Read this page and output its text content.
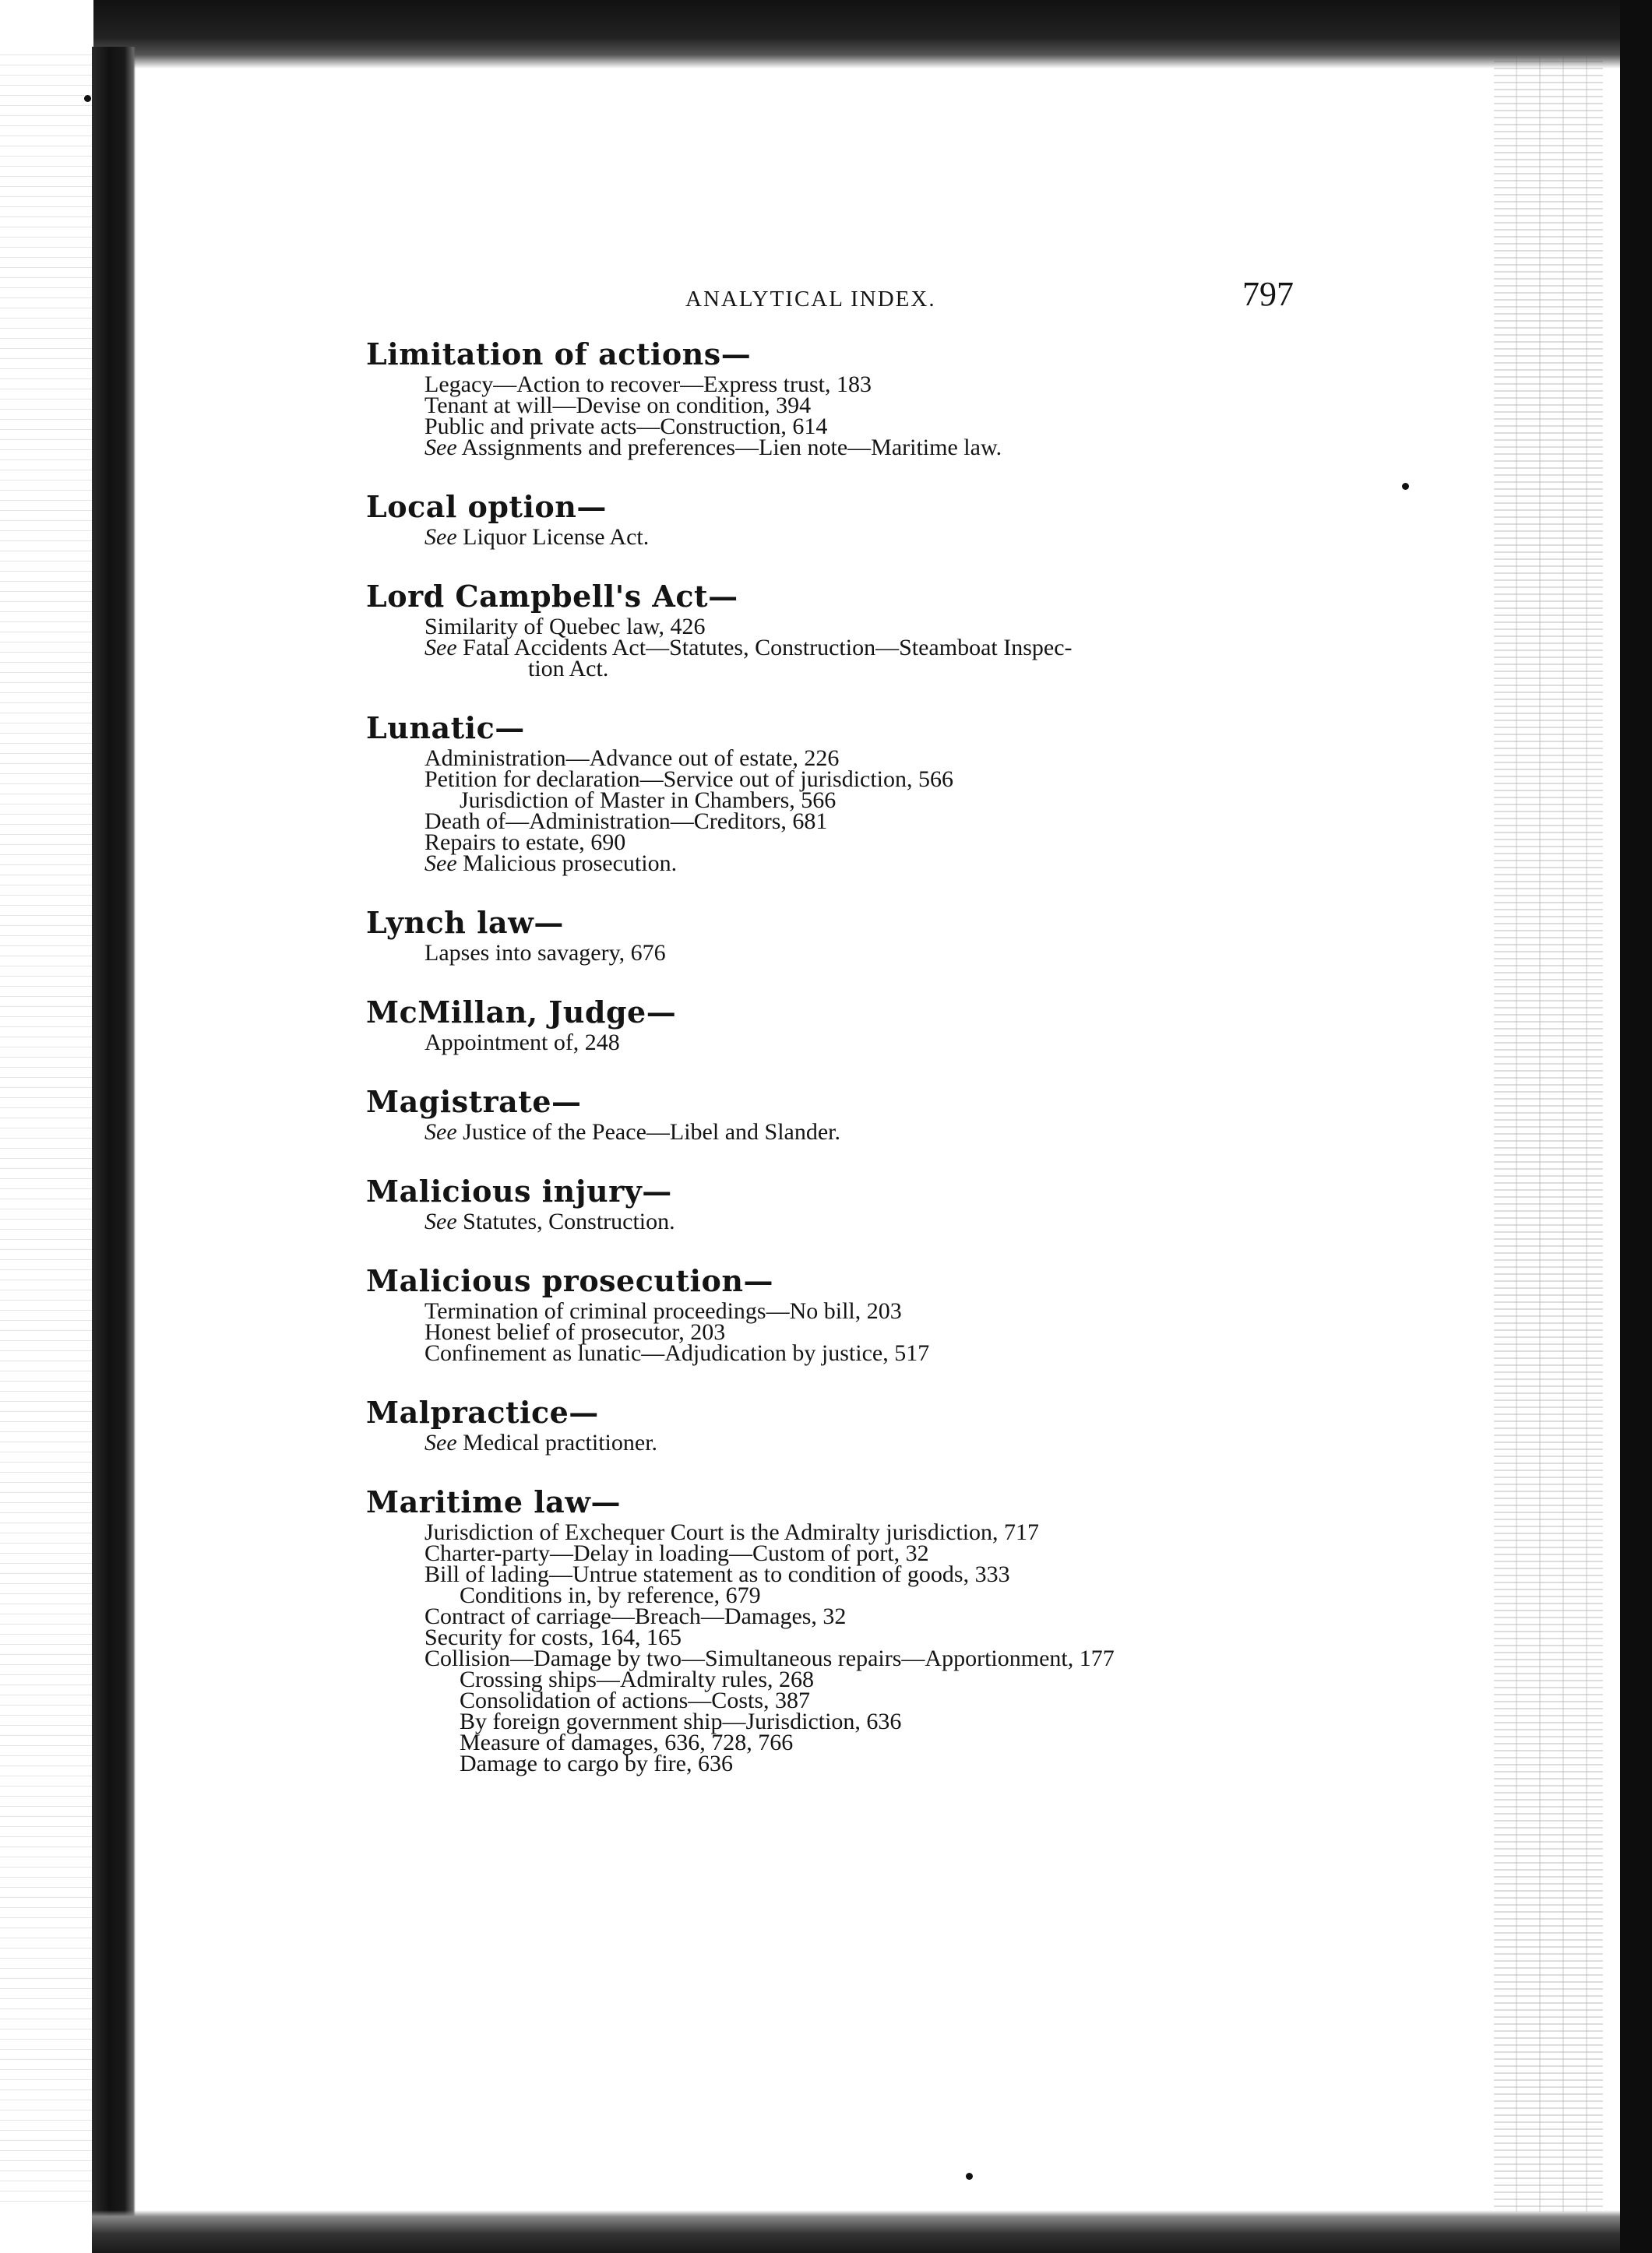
ANALYTICAL INDEX.	797
Limitation of actions—
Legacy—Action to recover—Express trust, 183
Tenant at will—Devise on condition, 394
Public and private acts—Construction, 614
See Assignments and preferences—Lien note—Maritime law.
Local option—
See Liquor License Act.
Lord Campbell's Act—
Similarity of Quebec law, 426
See Fatal Accidents Act—Statutes, Construction—Steamboat Inspec-
tion Act.
Lunatic—
Administration—Advance out of estate, 226
Petition for declaration—Service out of jurisdiction, 566
Jurisdiction of Master in Chambers, 566
Death of—Administration—Creditors, 681
Repairs to estate, 690
See Malicious prosecution.
Lynch law—
Lapses into savagery, 676
McMillan, Judge—
Appointment of, 248
Magistrate—
See Justice of the Peace—Libel and Slander.
Malicious injury—
See Statutes, Construction.
Malicious prosecution—
Termination of criminal proceedings—No bill, 203
Honest belief of prosecutor, 203
Confinement as lunatic—Adjudication by justice, 517
Malpractice—
See Medical practitioner.
Maritime law—
Jurisdiction of Exchequer Court is the Admiralty jurisdiction, 717
Charter-party—Delay in loading—Custom of port, 32
Bill of lading—Untrue statement as to condition of goods, 333
Conditions in, by reference, 679
Contract of carriage—Breach—Damages, 32
Security for costs, 164, 165
Collision—Damage by two—Simultaneous repairs—Apportionment, 177
Crossing ships—Admiralty rules, 268
Consolidation of actions—Costs, 387
By foreign government ship—Jurisdiction, 636
Measure of damages, 636, 728, 766
Damage to cargo by fire, 636
